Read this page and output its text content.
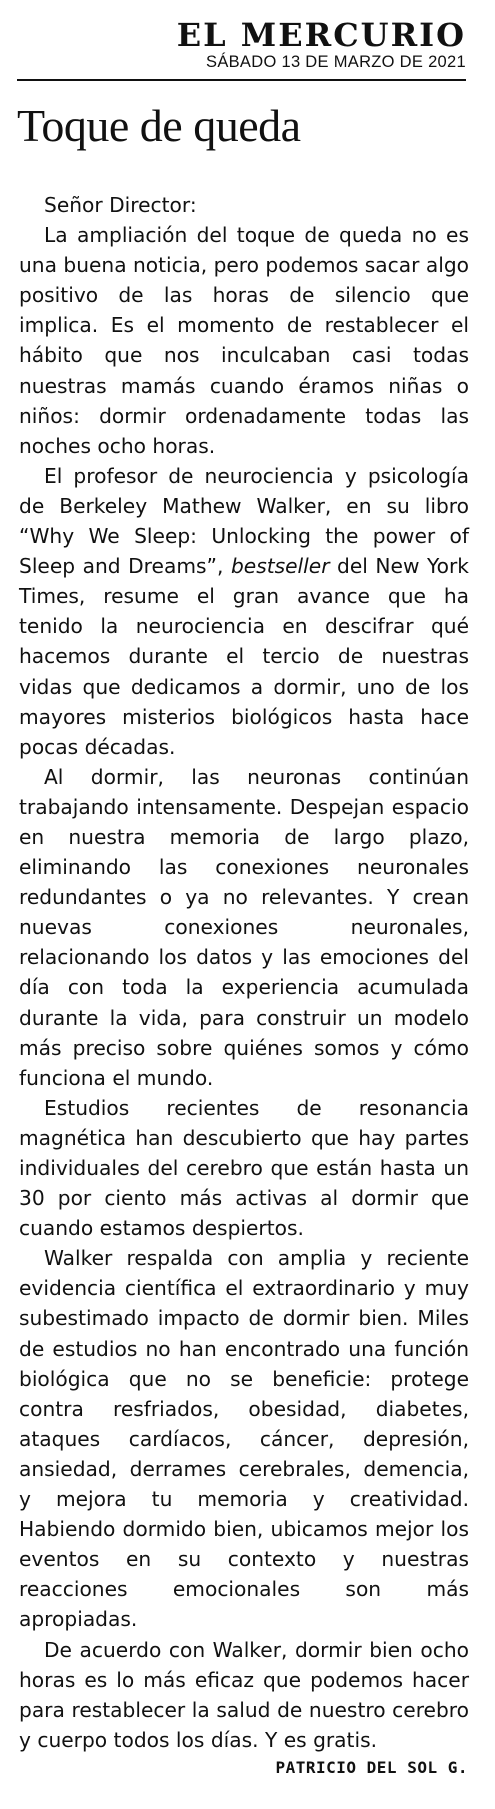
EL MERCURIO
SÁBADO 13 DE MARZO DE 2021
Toque de queda
Señor Director:

La ampliación del toque de queda no es una buena noticia, pero podemos sacar algo positivo de las horas de silencio que implica. Es el momento de restablecer el hábito que nos inculcaban casi todas nuestras mamás cuando éramos niñas o niños: dormir ordenadamente todas las noches ocho horas.

El profesor de neurociencia y psicología de Berkeley Mathew Walker, en su libro “Why We Sleep: Unlocking the power of Sleep and Dreams”, bestseller del New York Times, resume el gran avance que ha tenido la neurociencia en descifrar qué hacemos durante el tercio de nuestras vidas que dedicamos a dormir, uno de los mayores misterios biológicos hasta hace pocas décadas.

Al dormir, las neuronas continúan trabajando intensamente. Despejan espacio en nuestra memoria de largo plazo, eliminando las conexiones neuronales redundantes o ya no relevantes. Y crean nuevas conexiones neuronales, relacionando los datos y las emociones del día con toda la experiencia acumulada durante la vida, para construir un modelo más preciso sobre quiénes somos y cómo funciona el mundo.

Estudios recientes de resonancia magnética han descubierto que hay partes individuales del cerebro que están hasta un 30 por ciento más activas al dormir que cuando estamos despiertos.

Walker respalda con amplia y reciente evidencia científica el extraordinario y muy subestimado impacto de dormir bien. Miles de estudios no han encontrado una función biológica que no se beneficie: protege contra resfriados, obesidad, diabetes, ataques cardíacos, cáncer, depresión, ansiedad, derrames cerebrales, demencia, y mejora tu memoria y creatividad. Habiendo dormido bien, ubicamos mejor los eventos en su contexto y nuestras reacciones emocionales son más apropiadas.

De acuerdo con Walker, dormir bien ocho horas es lo más eficaz que podemos hacer para restablecer la salud de nuestro cerebro y cuerpo todos los días. Y es gratis.

PATRICIO DEL SOL G.
